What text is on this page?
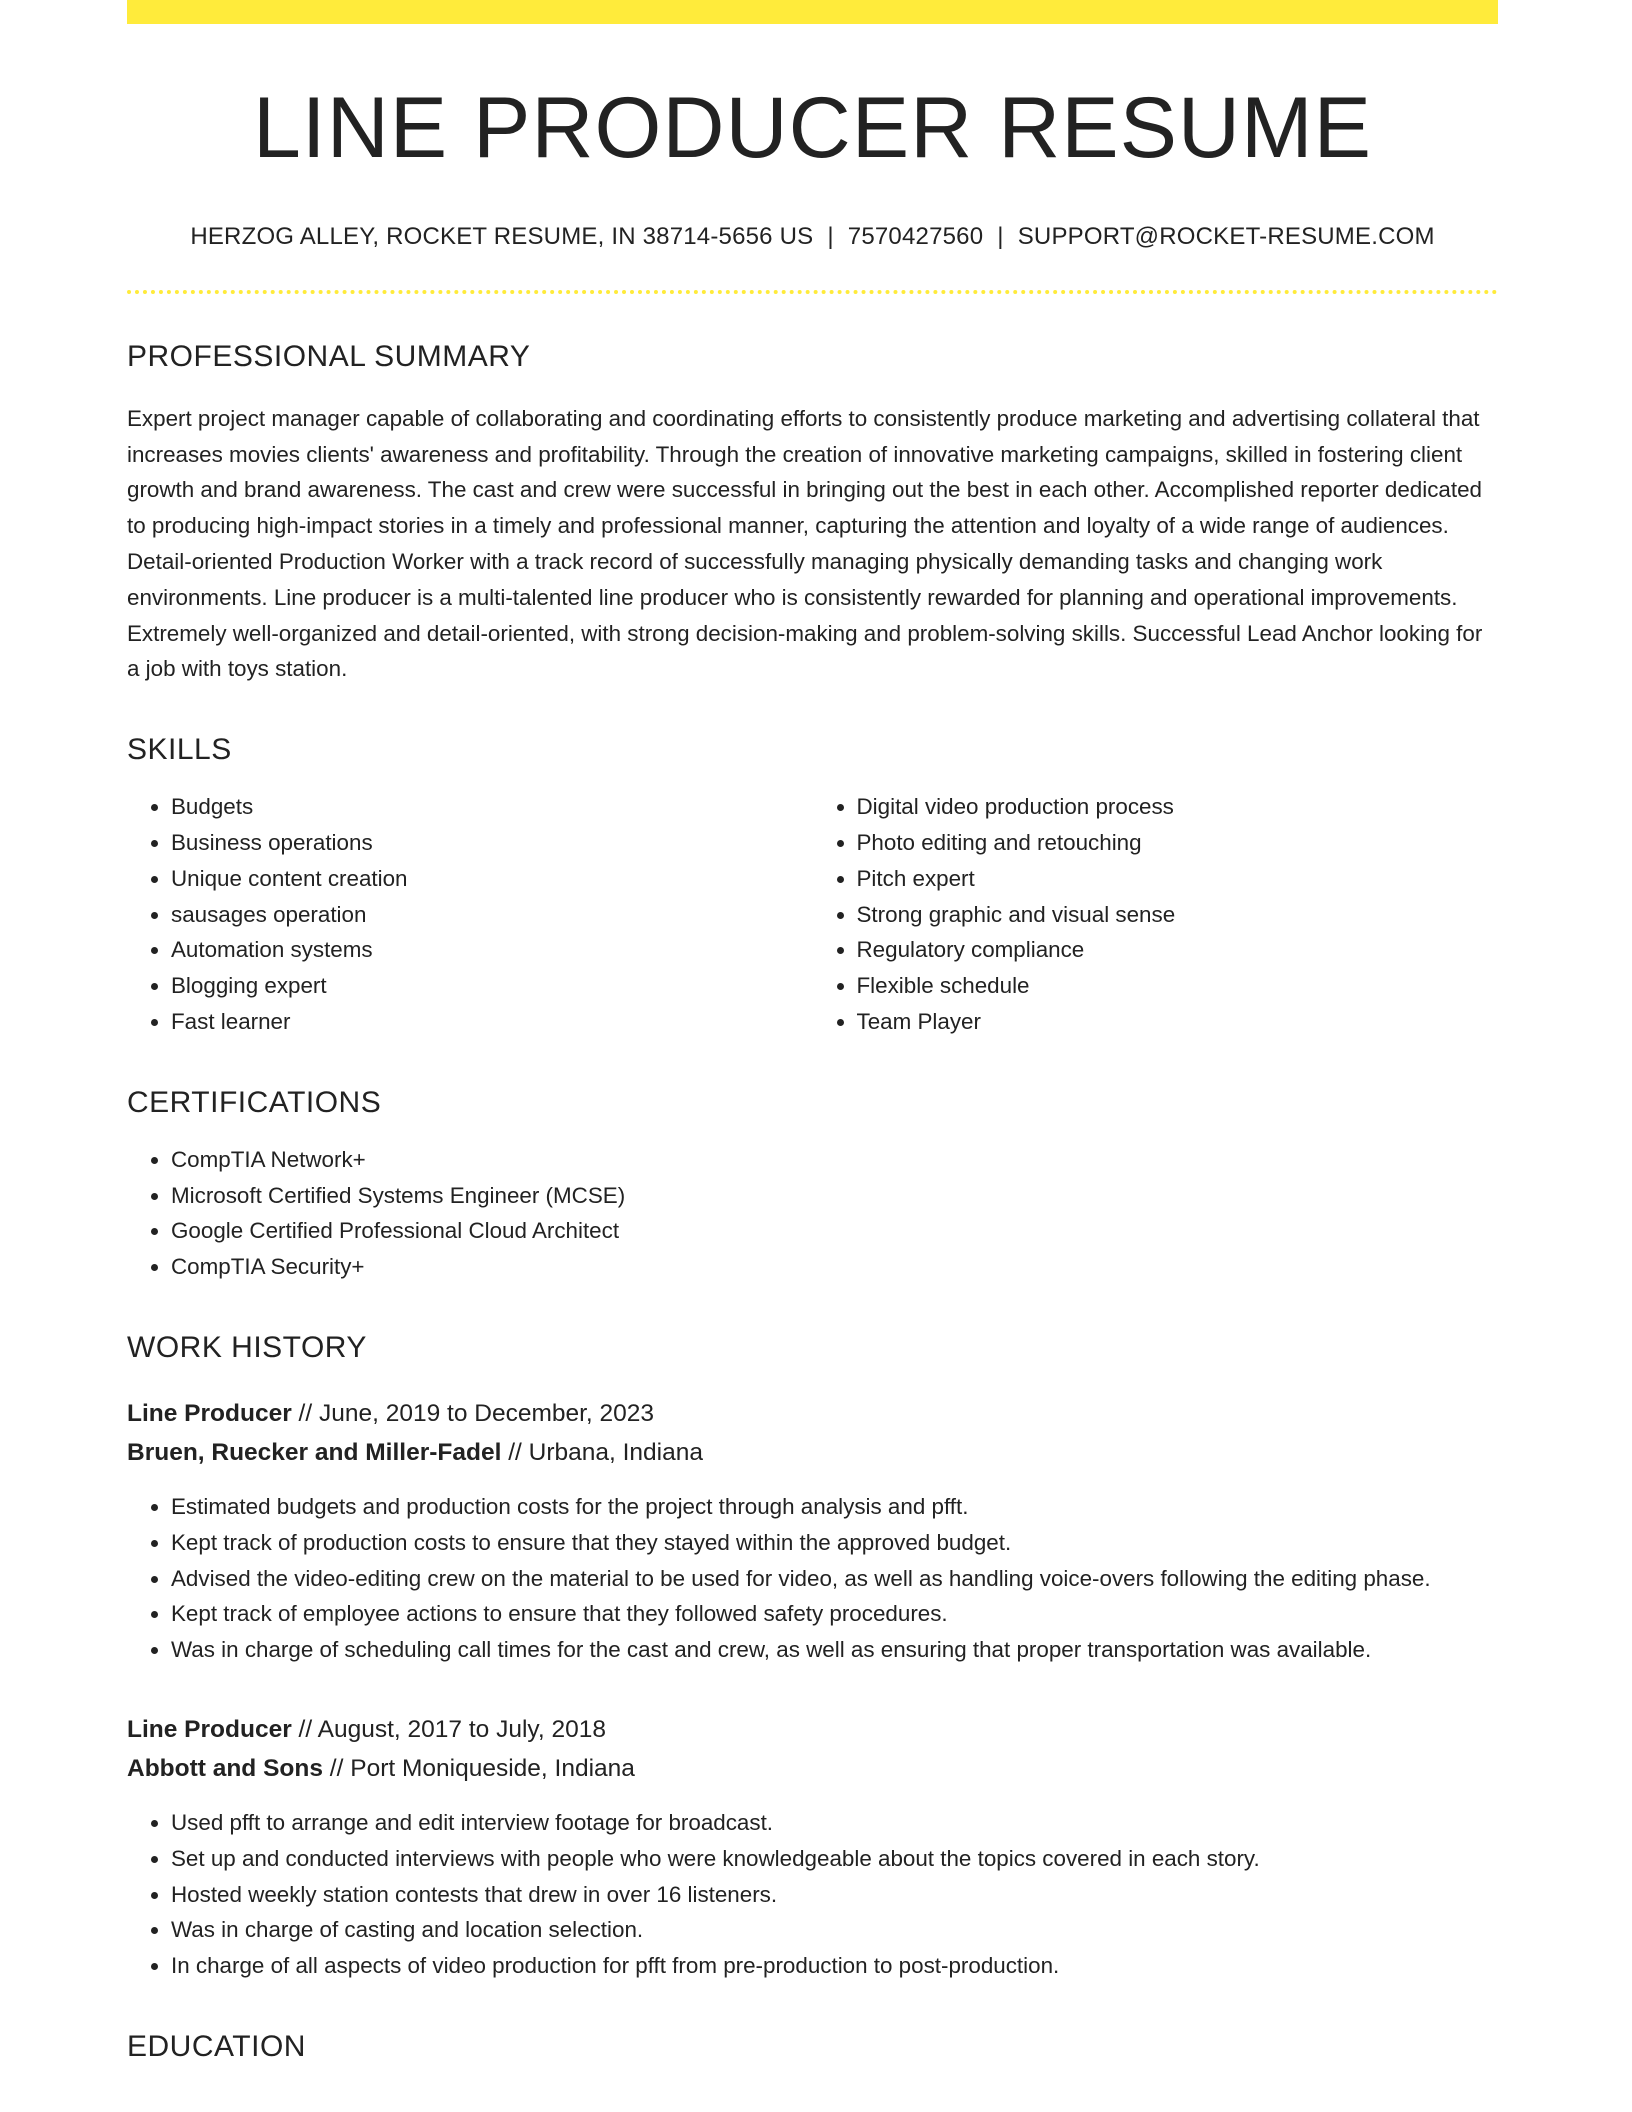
LINE PRODUCER RESUME
HERZOG ALLEY, ROCKET RESUME, IN 38714-5656 US | 7570427560 | SUPPORT@ROCKET-RESUME.COM
PROFESSIONAL SUMMARY
Expert project manager capable of collaborating and coordinating efforts to consistently produce marketing and advertising collateral that increases movies clients' awareness and profitability. Through the creation of innovative marketing campaigns, skilled in fostering client growth and brand awareness. The cast and crew were successful in bringing out the best in each other. Accomplished reporter dedicated to producing high-impact stories in a timely and professional manner, capturing the attention and loyalty of a wide range of audiences. Detail-oriented Production Worker with a track record of successfully managing physically demanding tasks and changing work environments. Line producer is a multi-talented line producer who is consistently rewarded for planning and operational improvements. Extremely well-organized and detail-oriented, with strong decision-making and problem-solving skills. Successful Lead Anchor looking for a job with toys station.
SKILLS
• Budgets
• Business operations
• Unique content creation
• sausages operation
• Automation systems
• Blogging expert
• Fast learner
• Digital video production process
• Photo editing and retouching
• Pitch expert
• Strong graphic and visual sense
• Regulatory compliance
• Flexible schedule
• Team Player
CERTIFICATIONS
• CompTIA Network+
• Microsoft Certified Systems Engineer (MCSE)
• Google Certified Professional Cloud Architect
• CompTIA Security+
WORK HISTORY
Line Producer // June, 2019 to December, 2023
Bruen, Ruecker and Miller-Fadel // Urbana, Indiana
• Estimated budgets and production costs for the project through analysis and pfft.
• Kept track of production costs to ensure that they stayed within the approved budget.
• Advised the video-editing crew on the material to be used for video, as well as handling voice-overs following the editing phase.
• Kept track of employee actions to ensure that they followed safety procedures.
• Was in charge of scheduling call times for the cast and crew, as well as ensuring that proper transportation was available.
Line Producer // August, 2017 to July, 2018
Abbott and Sons // Port Moniqueside, Indiana
• Used pfft to arrange and edit interview footage for broadcast.
• Set up and conducted interviews with people who were knowledgeable about the topics covered in each story.
• Hosted weekly station contests that drew in over 16 listeners.
• Was in charge of casting and location selection.
• In charge of all aspects of video production for pfft from pre-production to post-production.
EDUCATION
